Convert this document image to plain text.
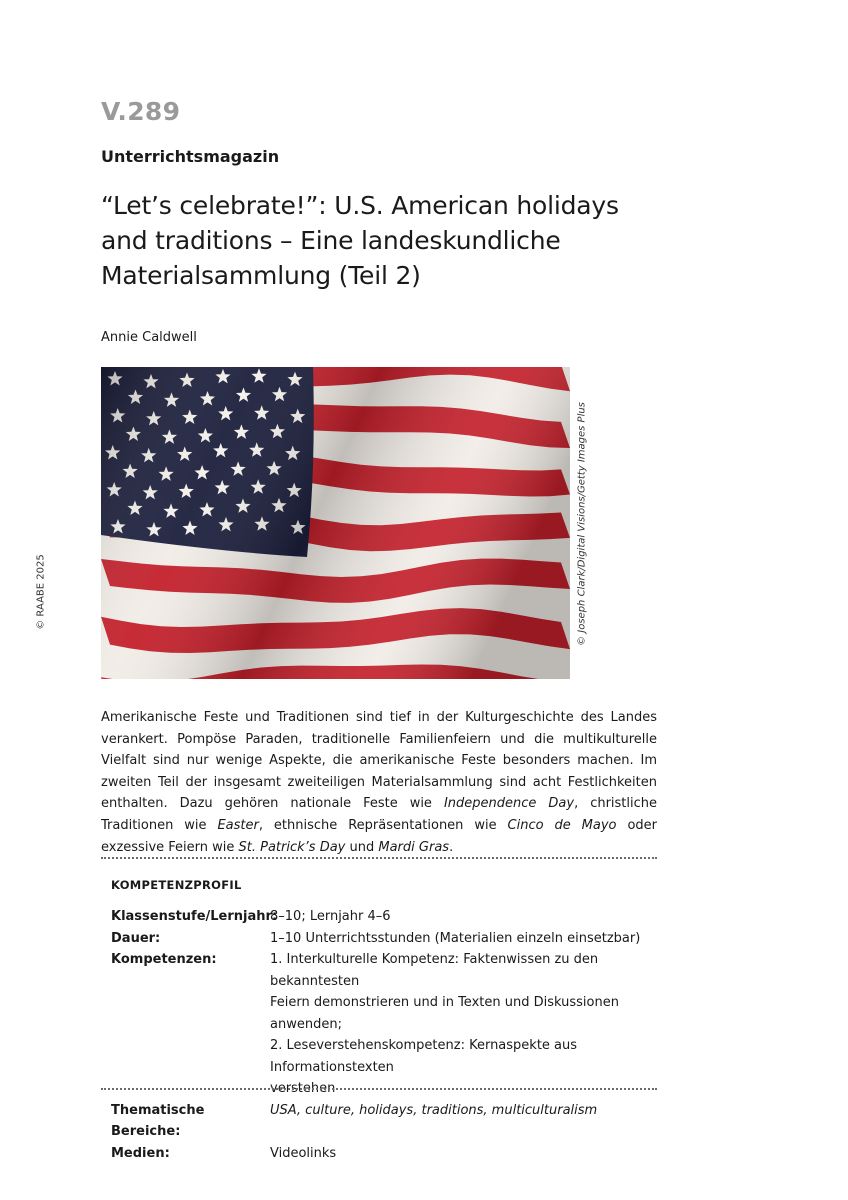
V.289
Unterrichtsmagazin
“Let’s celebrate!”: U.S. American holidays
and traditions – Eine landeskundliche
Materialsammlung (Teil 2)
Annie Caldwell
© RAABE 2025	© Joseph Clark/Digital Visions/Getty Images Plus

Amerikanische Feste und Traditionen sind tief in der Kulturgeschichte des Landes verankert. Pompöse Paraden, traditionelle Familienfeiern und die multikulturelle Vielfalt sind nur wenige Aspekte, die amerikanische Feste besonders machen. Im zweiten Teil der insgesamt zweiteiligen Materialsammlung sind acht Festlichkeiten enthalten. Dazu gehören nationale Feste wie Independence Day, christliche Traditionen wie Easter, ethnische Repräsentationen wie Cinco de Mayo oder exzessive Feiern wie St. Patrick’s Day und Mardi Gras.

KOMPETENZPROFIL
Klassenstufe/Lernjahr:
8–10; Lernjahr 4–6
Dauer:	1–10 Unterrichtsstunden (Materialien einzeln einsetzbar)
Kompetenzen:	1. Interkulturelle Kompetenz: Faktenwissen zu den bekanntesten
Feiern demonstrieren und in Texten und Diskussionen anwenden;
2. Leseverstehenskompetenz: Kernaspekte aus Informationstexten
verstehen
Thematische Bereiche:
USA, culture, holidays, traditions, multiculturalism
Medien:	Videolinks
